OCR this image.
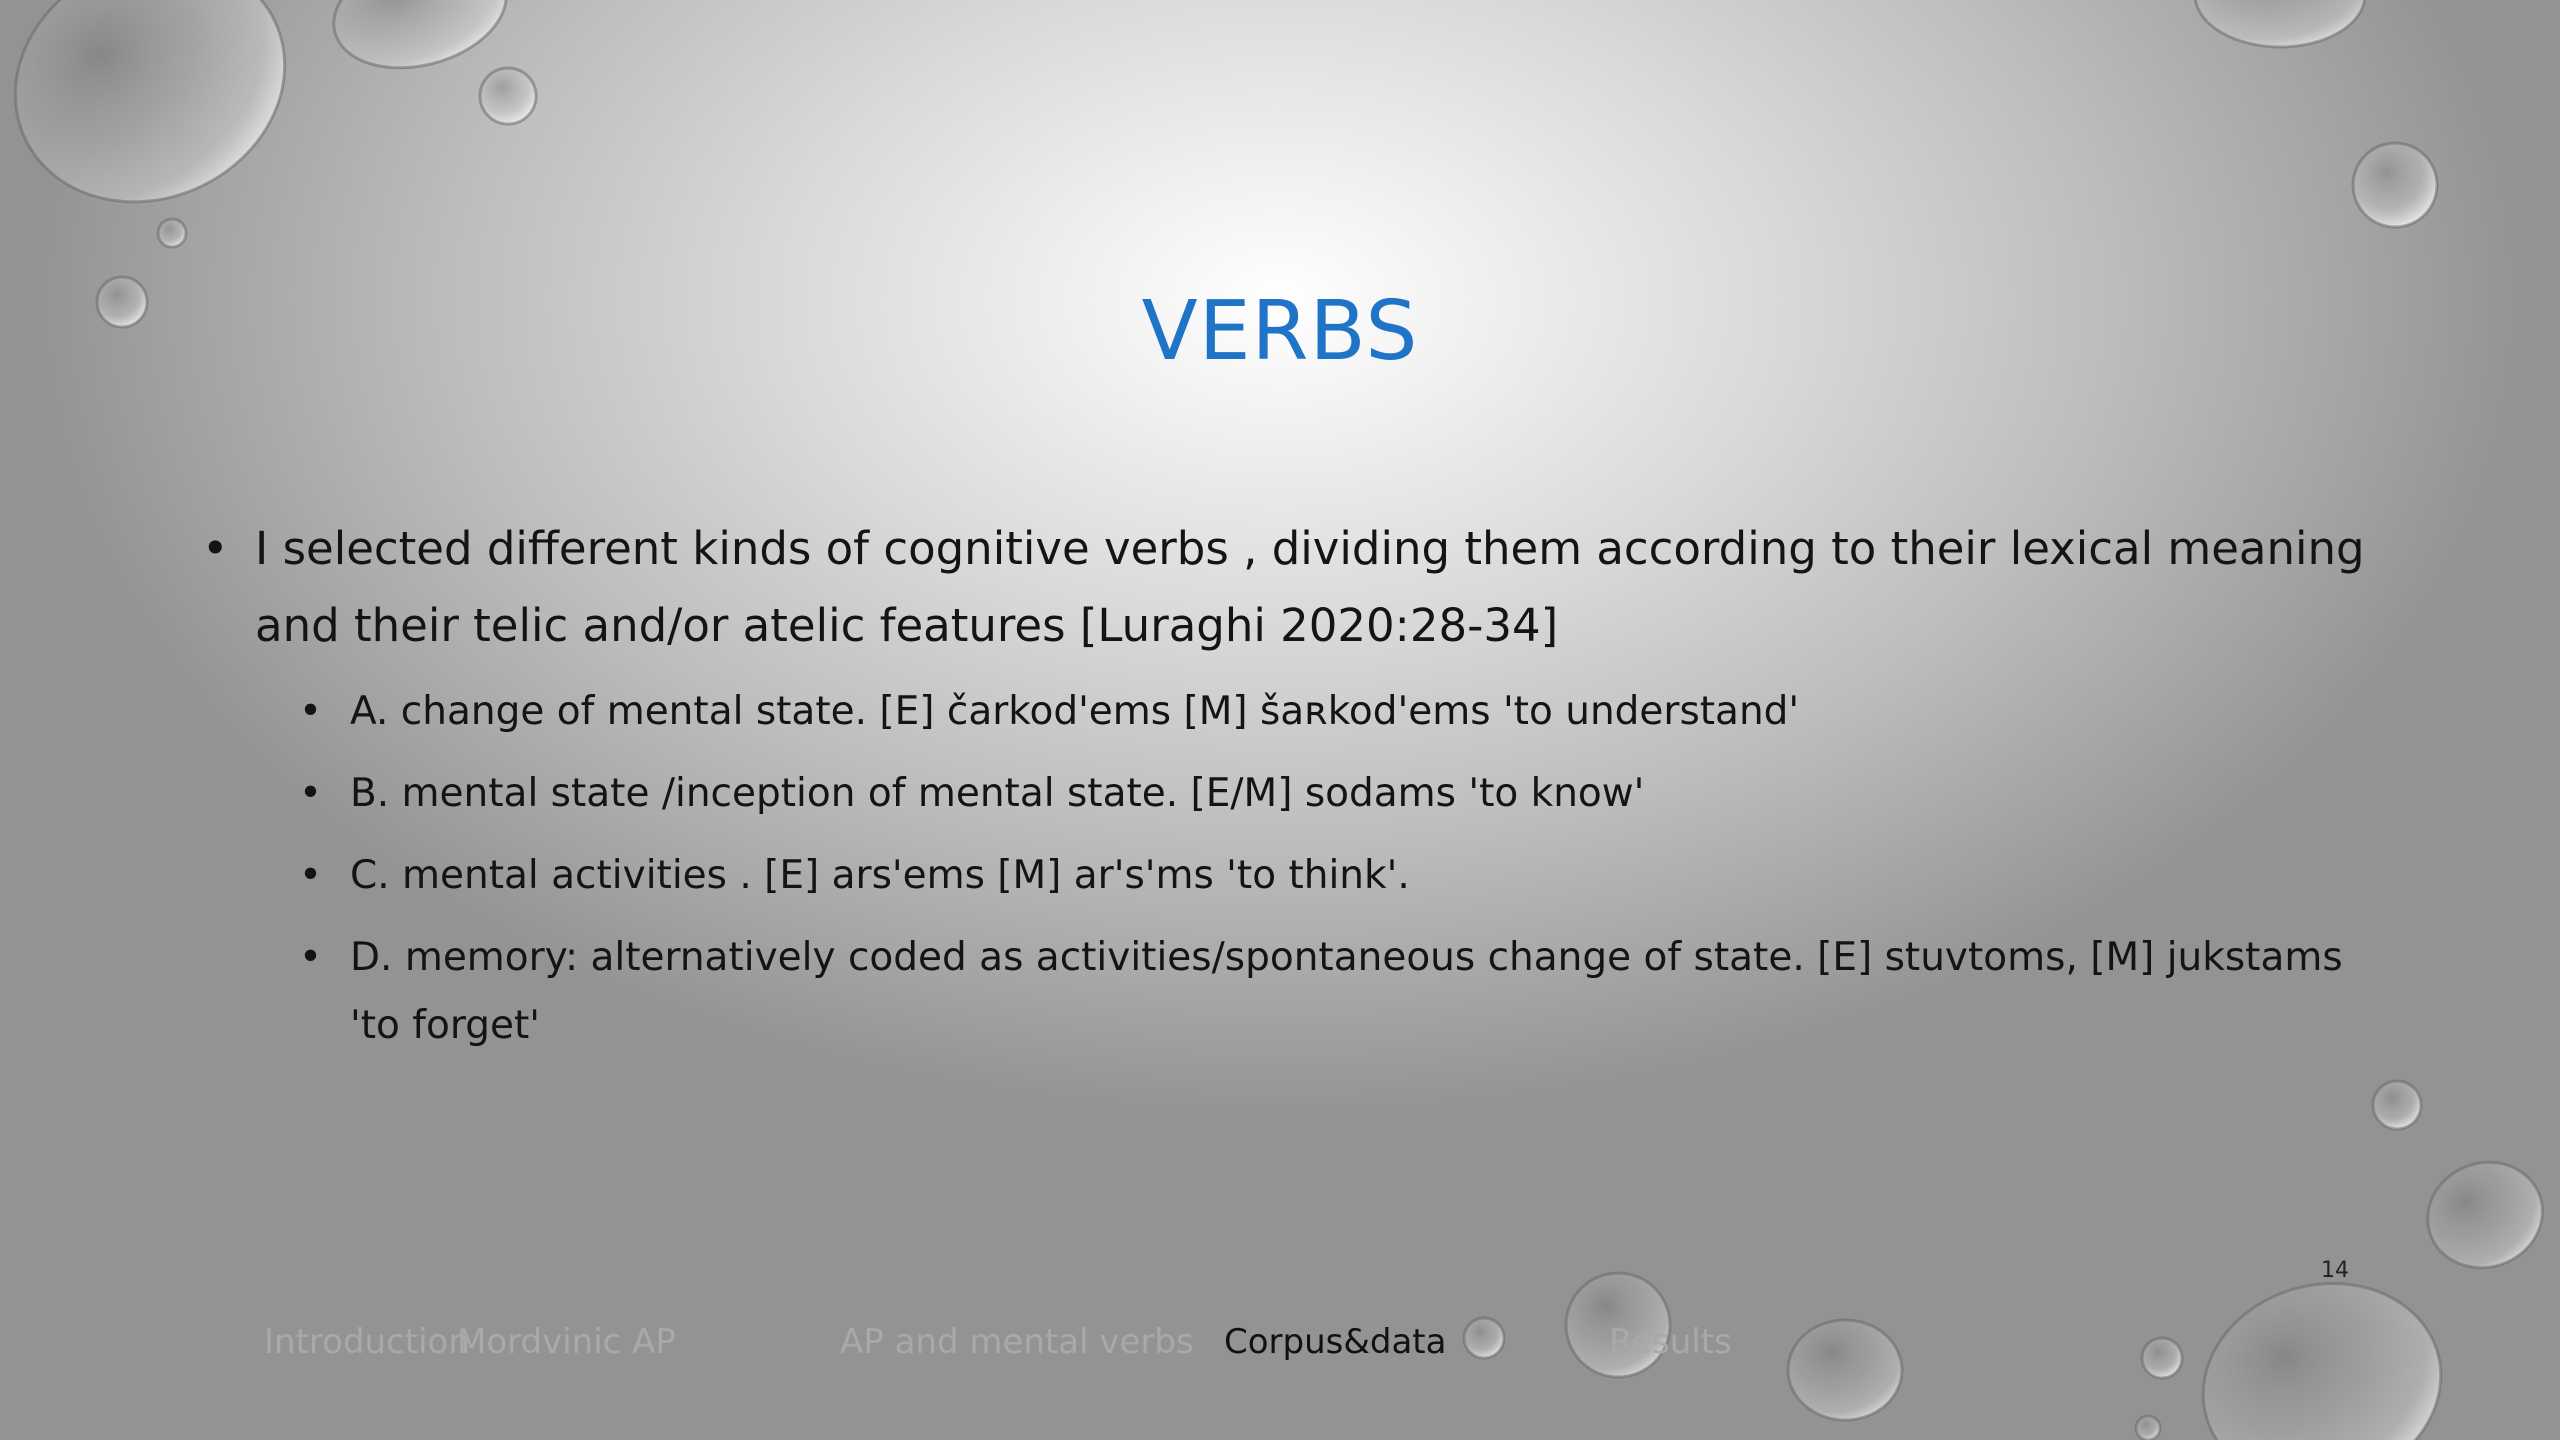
VERBS
• I selected different kinds of cognitive verbs , dividing them according to their lexical meaning and their telic and/or atelic features [Luraghi 2020:28-34]
• A. change of mental state. [E] čarkod'ems [M] šaʀkod'ems 'to understand'
• B. mental state /inception of mental state. [E/M] sodams 'to know'
• C. mental activities . [E] ars'ems [M] ar's'ms 'to think'.
• D. memory: alternatively coded as activities/spontaneous change of state. [E] stuvtoms, [M] jukstams 'to forget'
Introduction
Mordvinic AP	AP and mental verbs Corpus&data	Results
14
